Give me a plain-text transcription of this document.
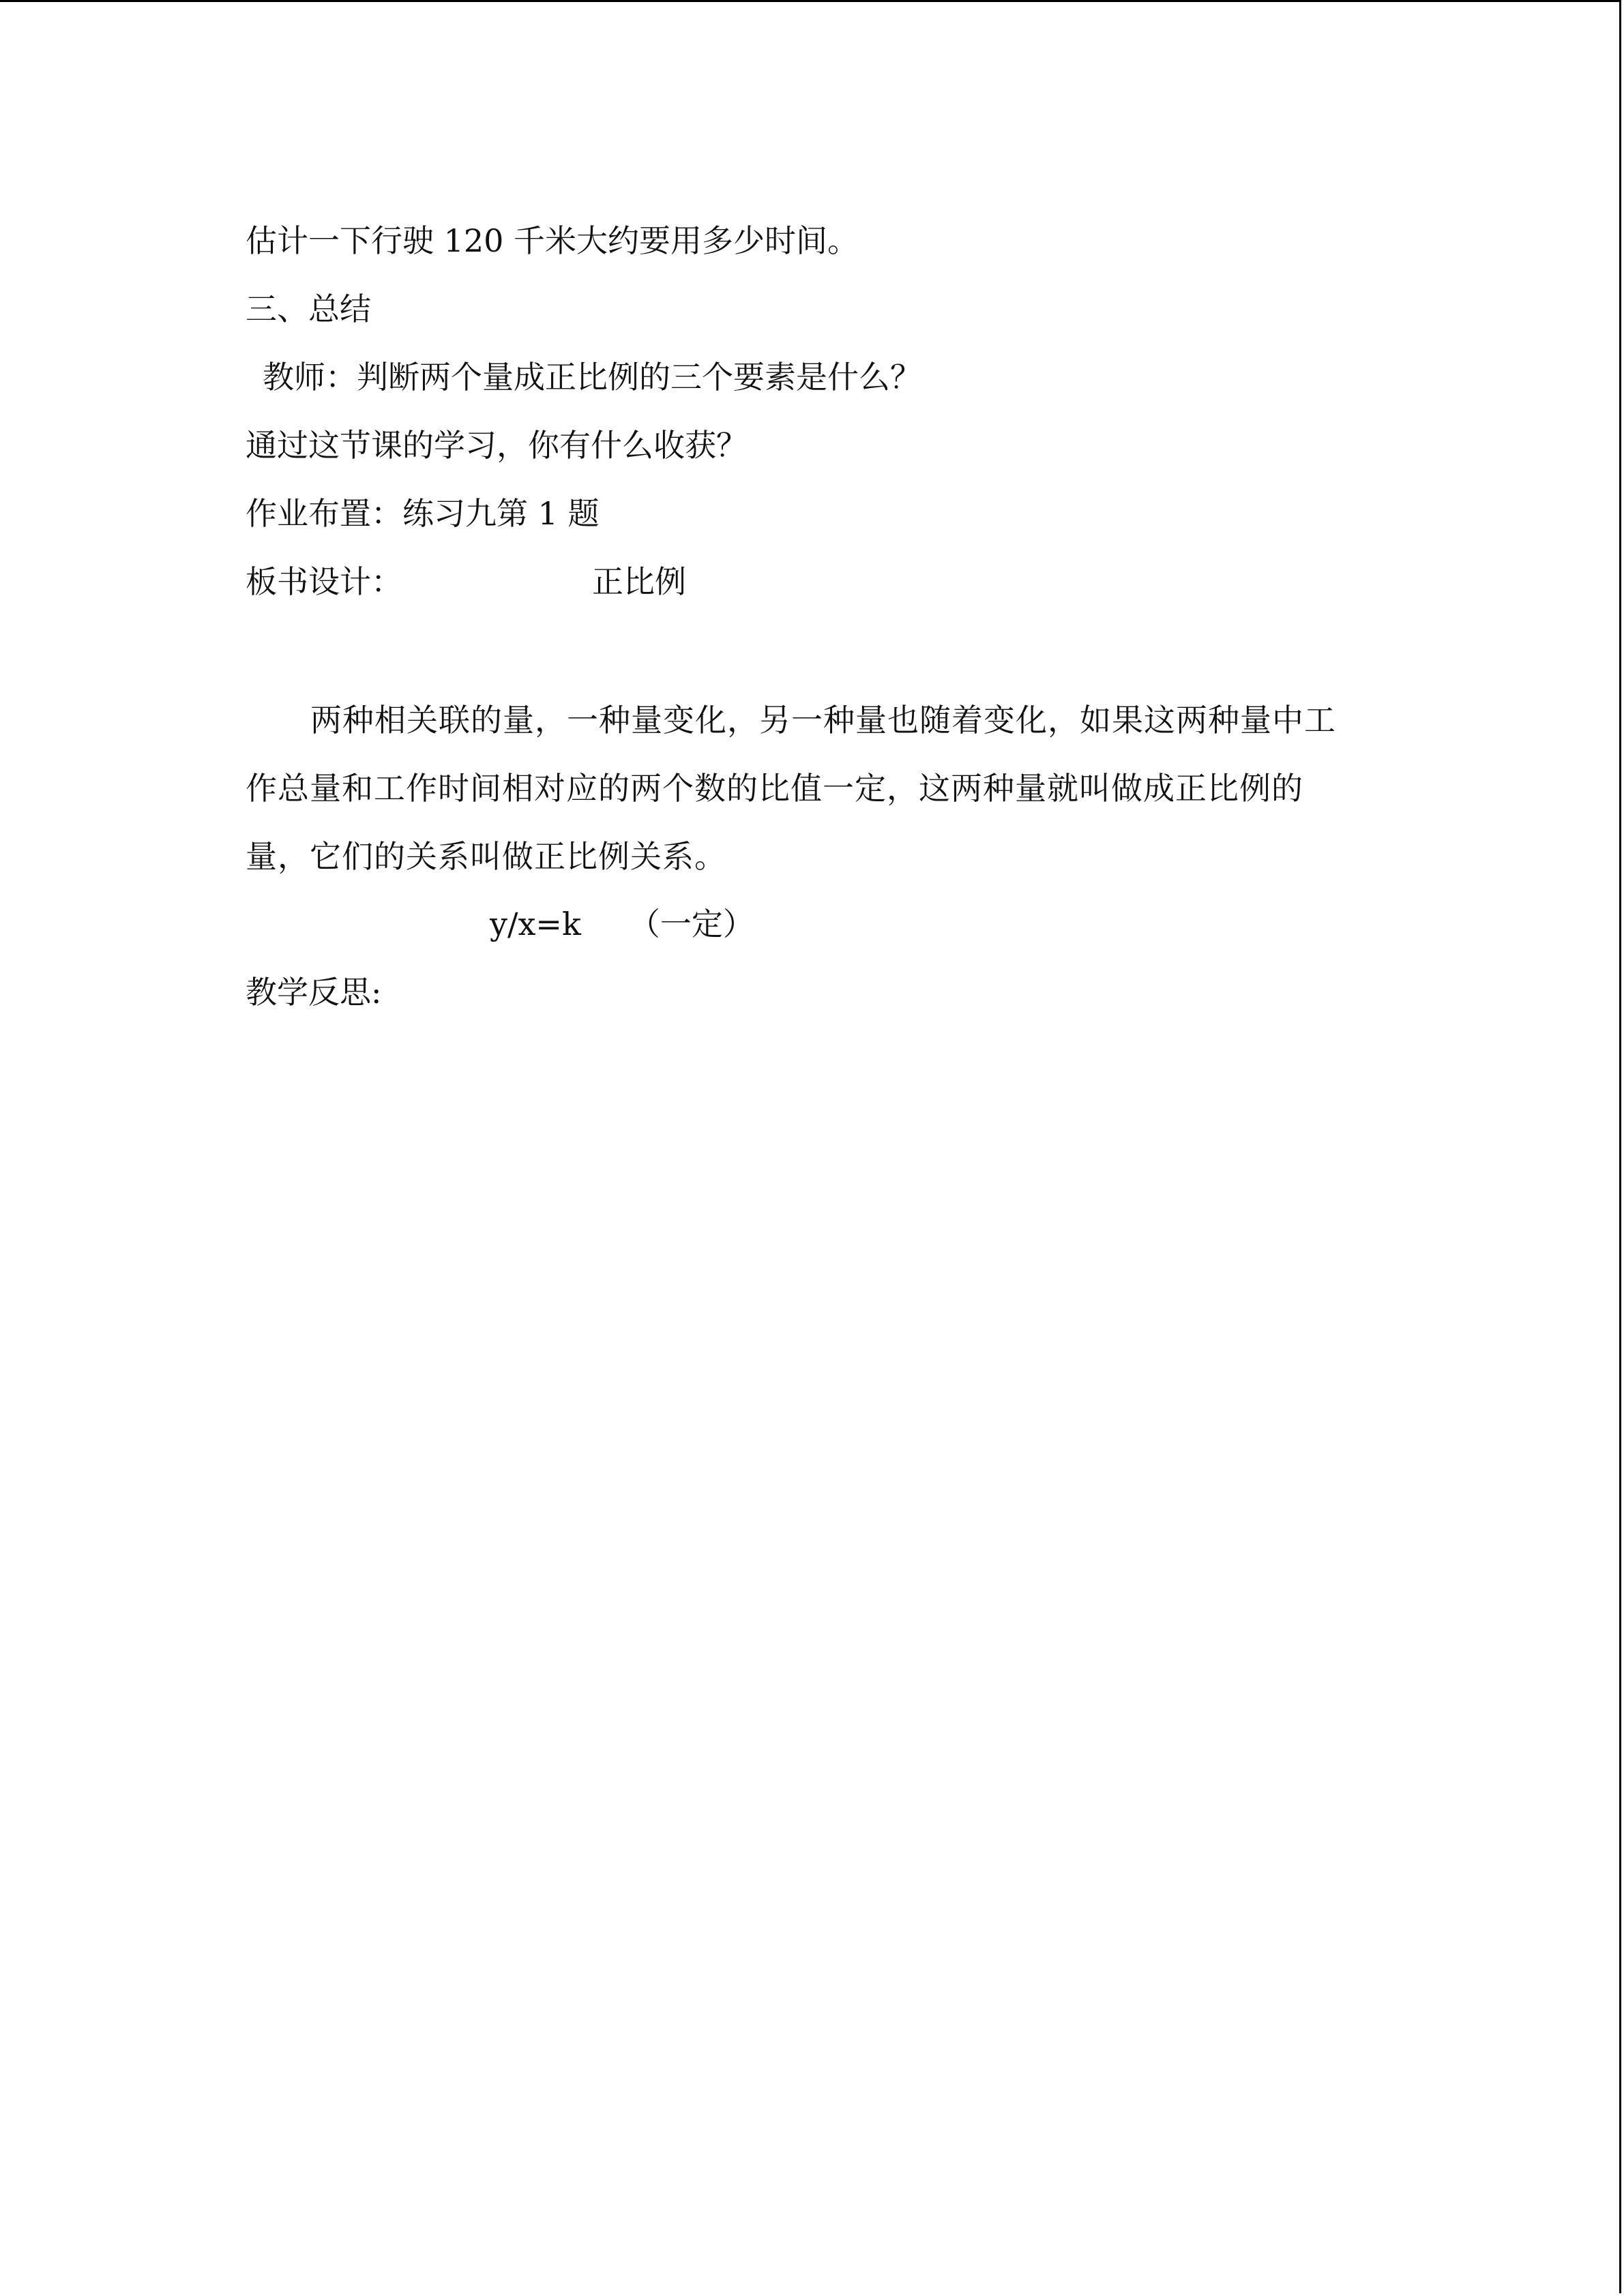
估计一下行驶 120 千米大约要用多少时间。
三、总结
教师：判断两个量成正比例的三个要素是什么？
通过这节课的学习，你有什么收获？
作业布置：练习九第 1 题
板书设计：	正比例
两种相关联的量，一种量变化，另一种量也随着变化，如果这两种量中工作总量和工作时间相对应的两个数的比值一定，这两种量就叫做成正比例的量，它们的关系叫做正比例关系。
y/x=k （一定）
教学反思:
